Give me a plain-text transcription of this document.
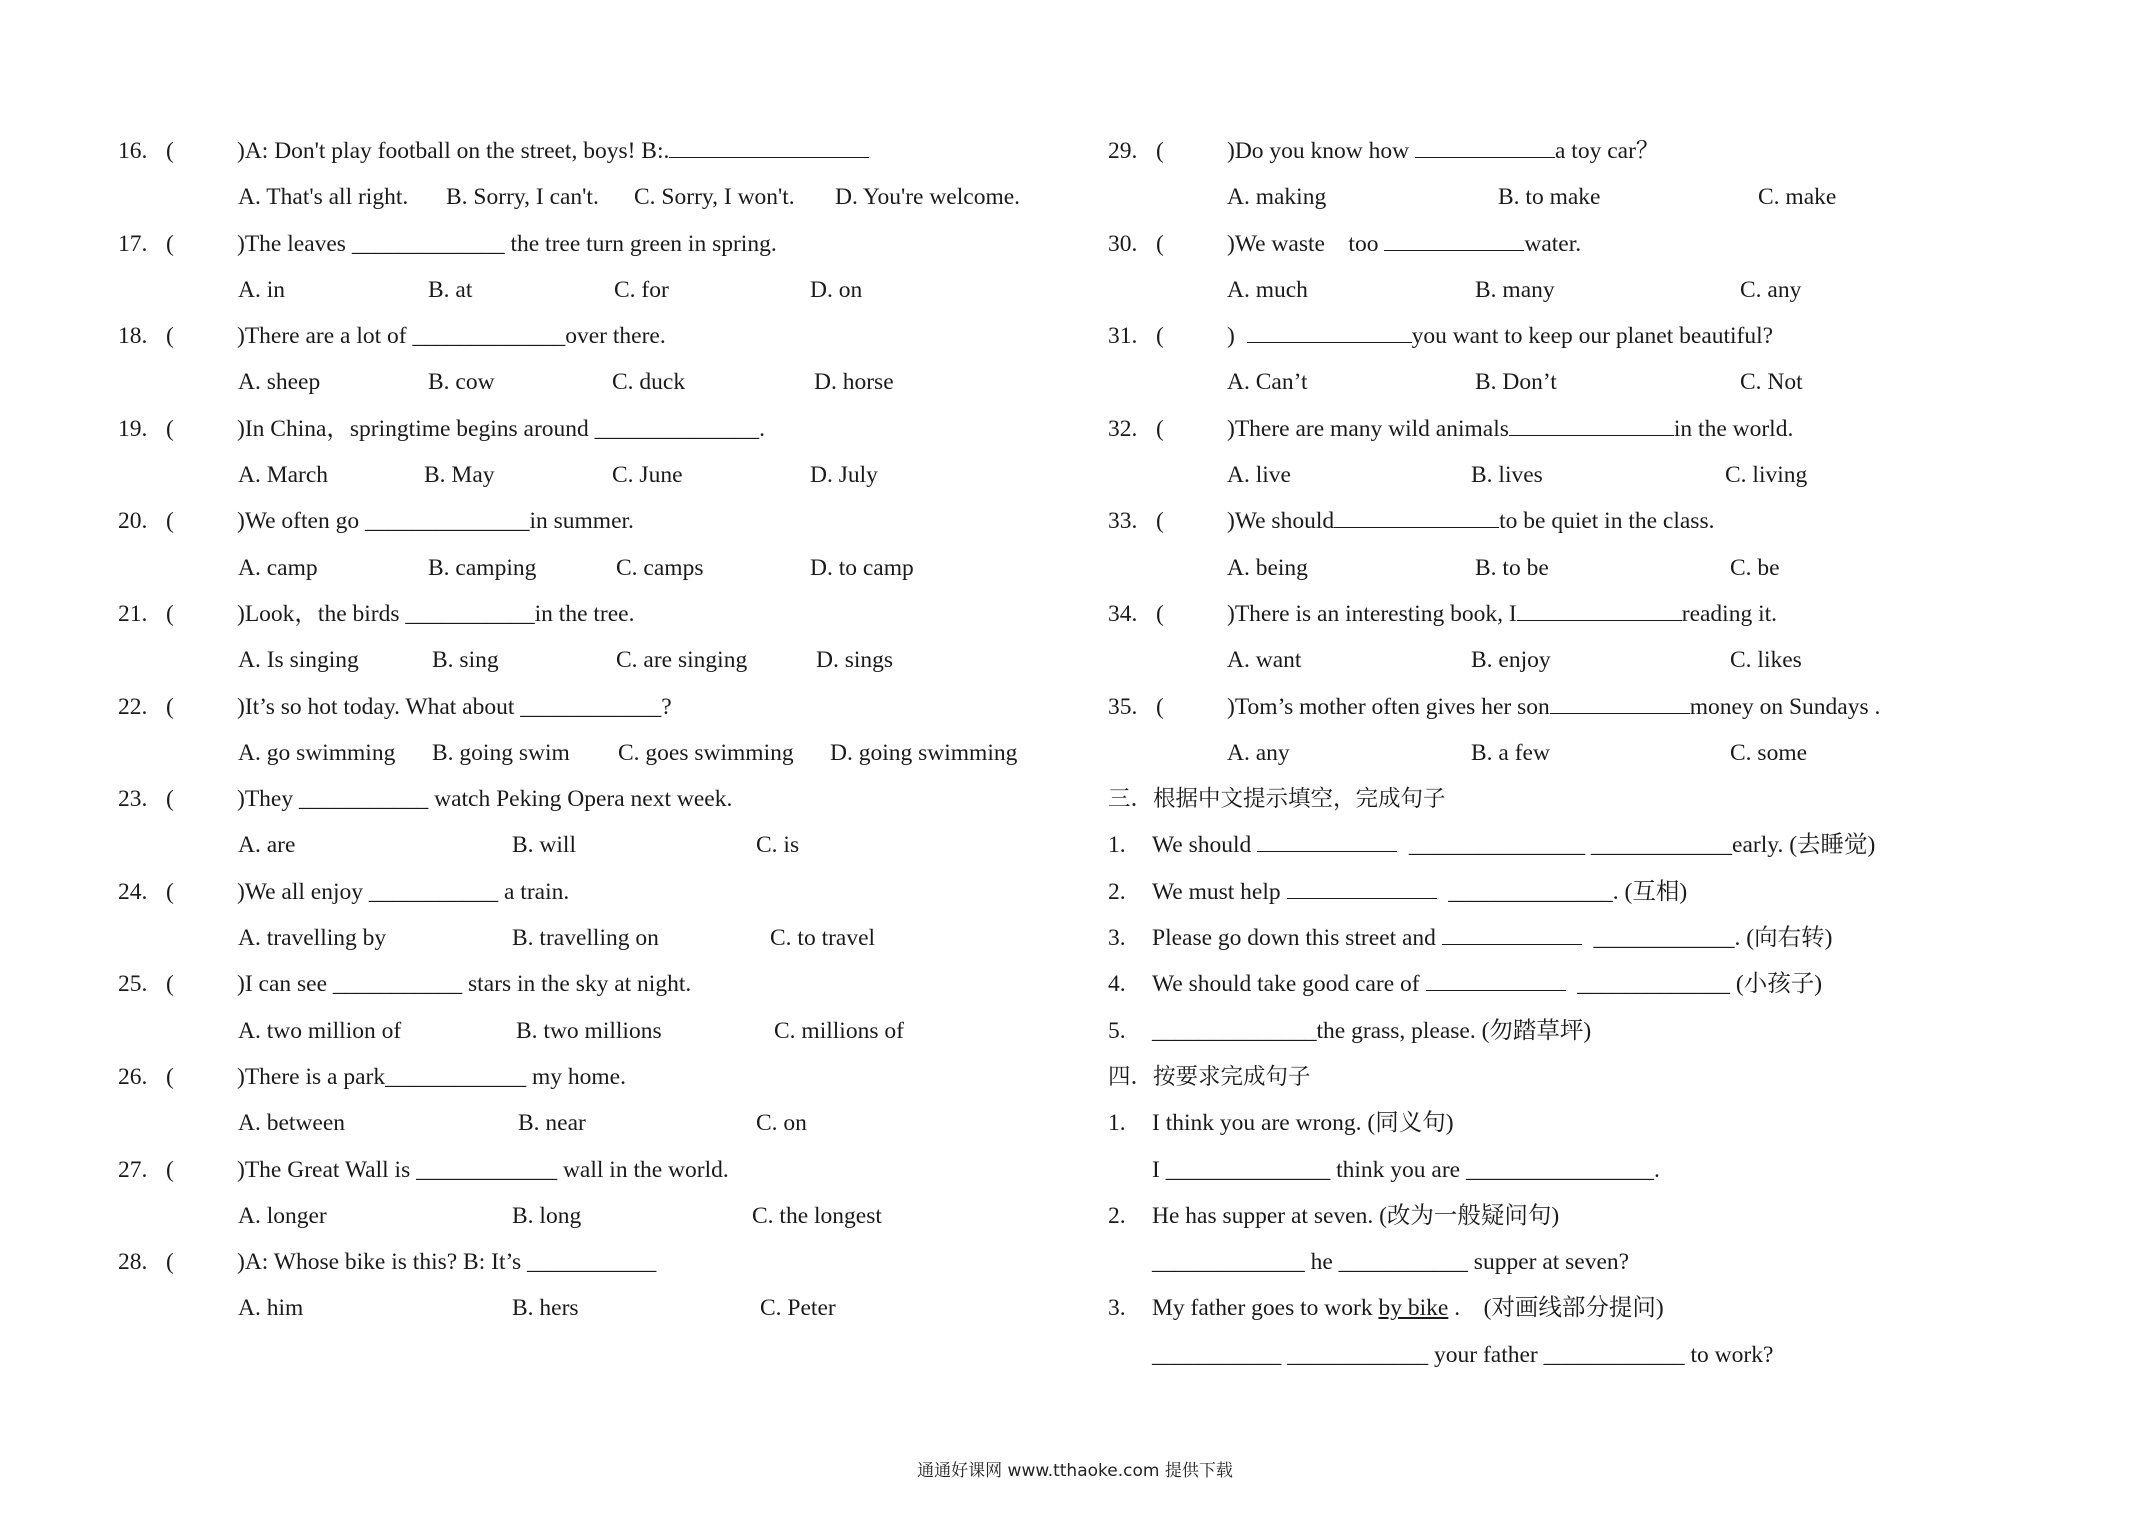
16. (	)A: Don't play football on the street, boys! B:.
A. That's all right. B. Sorry, I can't. C. Sorry, I won't. D. You're welcome.
17. (	)The leaves _____________ the tree turn green in spring.
A. in	B. at	C. for	D. on
18. (	)There are a lot of _____________over there.
A. sheep	B. cow	C. duck	D. horse
19. (	)In China，springtime begins around ______________.
A. March	B. May	C. June	D. July
20. (	)We often go ______________in summer.
A. camp	B. camping	C. camps	D. to camp
21. (	)Look，the birds ___________in the tree.
A. Is singing	B. sing	C. are singing	D. sings
22. (	)It’s so hot today. What about ____________?
A. go swimming B. going swim C. goes swimming D. going swimming
23. (	)They ___________ watch Peking Opera next week.
A. are	B. will	C. is
24. (	)We all enjoy ___________ a train.
A. travelling by	B. travelling on	C. to travel
25. (	)I can see ___________ stars in the sky at night.
A. two million of	B. two millions	C. millions of
26. (	)There is a park____________ my home.
A. between	B. near	C. on
27. (	)The Great Wall is ____________ wall in the world.
A. longer	B. long	C. the longest
28. (	)A: Whose bike is this? B: It’s ___________
A. him	B. hers	C. Peter
29. (	)Do you know how	a toy car？
A. making	B. to make	C. make
30. (	)We waste    too	water.
A. much	B. many	C. any
31. (	)	you want to keep our planet beautiful?
A. Can’t	B. Don’t	C. Not
32. (	)There are many wild animals	in the world.
A. live	B. lives	C. living
33. (	)We should	to be quiet in the class.
A. being	B. to be	C. be
34. (	)There is an interesting book, I	reading it.
A. want	B. enjoy	C. likes
35. (	)Tom’s mother often gives her son	money on Sundays .
A. any	B. a few	C. some
三．根据中文提示填空，完成句子
1. We should	_______________ ____________early. (去睡觉)
2. We must help	______________. (互相)
3. Please go down this street and	____________. (向右转)
4. We should take good care of	_____________ (小孩子)
5. ______________the grass, please. (勿踏草坪)
四．按要求完成句子
1. I think you are wrong. (同义句)
I ______________ think you are ________________.
2. He has supper at seven. (改为一般疑问句)
_____________ he ___________ supper at seven?
3. My father goes to work by bike .    (对画线部分提问)
___________ ____________ your father ____________ to work?
通通好课网 www.tthaoke.com 提供下载
